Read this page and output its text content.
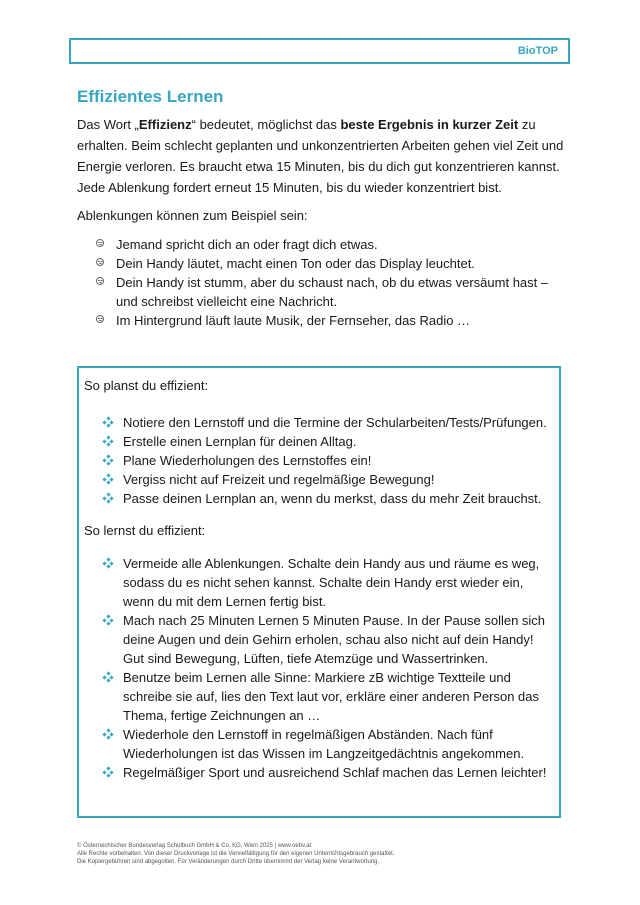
BioTOP
Effizientes Lernen

Das Wort „Effizienz“ bedeutet, möglichst das beste Ergebnis in kurzer Zeit zu erhalten. Beim schlecht geplanten und unkonzentrierten Arbeiten gehen viel Zeit und Energie verloren. Es braucht etwa 15 Minuten, bis du dich gut konzentrieren kannst. Jede Ablenkung fordert erneut 15 Minuten, bis du wieder konzentriert bist.

Ablenkungen können zum Beispiel sein:

Jemand spricht dich an oder fragt dich etwas.
Dein Handy läutet, macht einen Ton oder das Display leuchtet.
Dein Handy ist stumm, aber du schaust nach, ob du etwas versäumt hast – und schreibst vielleicht eine Nachricht.
Im Hintergrund läuft laute Musik, der Fernseher, das Radio …

So planst du effizient:

Notiere den Lernstoff und die Termine der Schularbeiten/Tests/Prüfungen.
Erstelle einen Lernplan für deinen Alltag.
Plane Wiederholungen des Lernstoffes ein!
Vergiss nicht auf Freizeit und regelmäßige Bewegung!
Passe deinen Lernplan an, wenn du merkst, dass du mehr Zeit brauchst.

So lernst du effizient:

Vermeide alle Ablenkungen. Schalte dein Handy aus und räume es weg, sodass du es nicht sehen kannst. Schalte dein Handy erst wieder ein, wenn du mit dem Lernen fertig bist.
Mach nach 25 Minuten Lernen 5 Minuten Pause. In der Pause sollen sich deine Augen und dein Gehirn erholen, schau also nicht auf dein Handy! Gut sind Bewegung, Lüften, tiefe Atemzüge und Wassertrinken.
Benutze beim Lernen alle Sinne: Markiere zB wichtige Textteile und schreibe sie auf, lies den Text laut vor, erkläre einer anderen Person das Thema, fertige Zeichnungen an …
Wiederhole den Lernstoff in regelmäßigen Abständen. Nach fünf Wiederholungen ist das Wissen im Langzeitgedächtnis angekommen.
Regelmäßiger Sport und ausreichend Schlaf machen das Lernen leichter!
© Österreichischer Bundesverlag Schulbuch GmbH & Co. KG, Wien 2025 | www.oebv.at
Alle Rechte vorbehalten. Von dieser Druckvorlage ist die Vervielfältigung für den eigenen Unterrichtsgebrauch gestattet.
Die Kopiergebühren sind abgegolten. Für Veränderungen durch Dritte übernimmt der Verlag keine Verantwortung.
